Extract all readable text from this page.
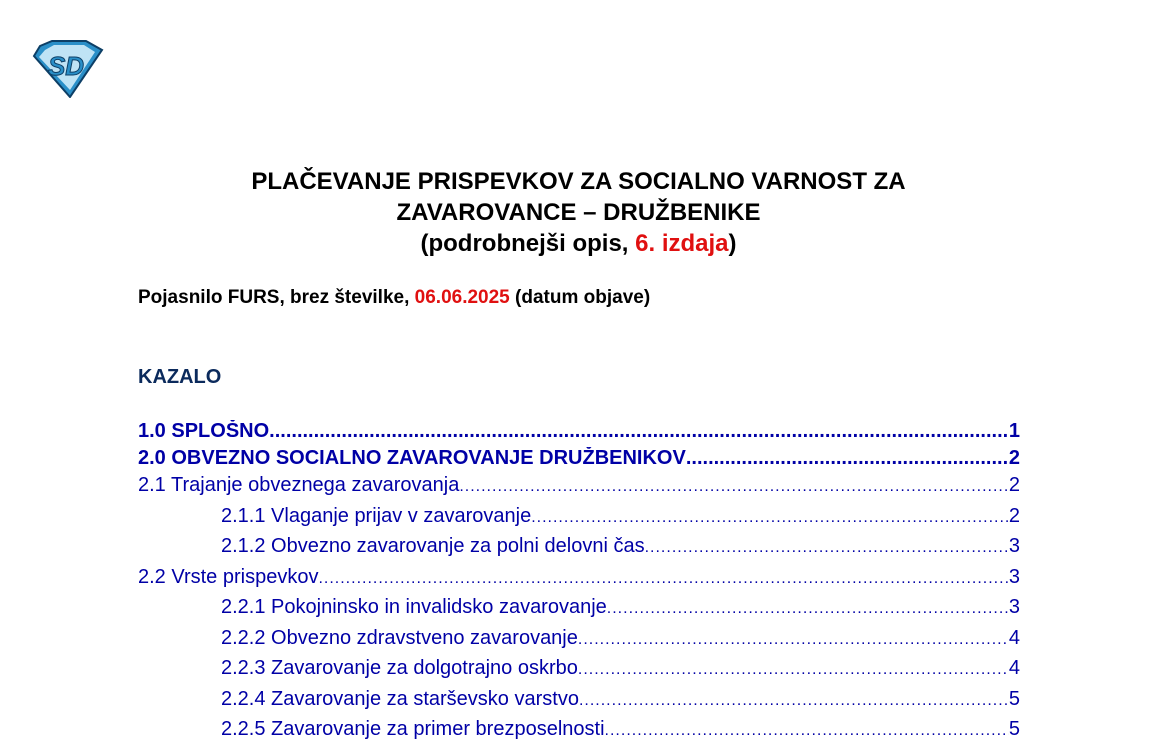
SD
PLAČEVANJE PRISPEVKOV ZA SOCIALNO VARNOST ZA
ZAVAROVANCE – DRUŽBENIKE
(podrobnejši opis, 6. izdaja)
Pojasnilo FURS, brez številke, 06.06.2025 (datum objave)
KAZALO
1.0 SPLOŠNO .....	1
2.0 OBVEZNO SOCIALNO ZAVAROVANJE DRUŽBENIKOV .....	2
2.1 Trajanje obveznega zavarovanja .....	2
2.1.1 Vlaganje prijav v zavarovanje .....	2
2.1.2 Obvezno zavarovanje za polni delovni čas .....	3
2.2 Vrste prispevkov .....	3
2.2.1 Pokojninsko in invalidsko zavarovanje .....	3
2.2.2 Obvezno zdravstveno zavarovanje .....	4
2.2.3 Zavarovanje za dolgotrajno oskrbo .....	4
2.2.4 Zavarovanje za starševsko varstvo .....	5
2.2.5 Zavarovanje za primer brezposelnosti .....	5
